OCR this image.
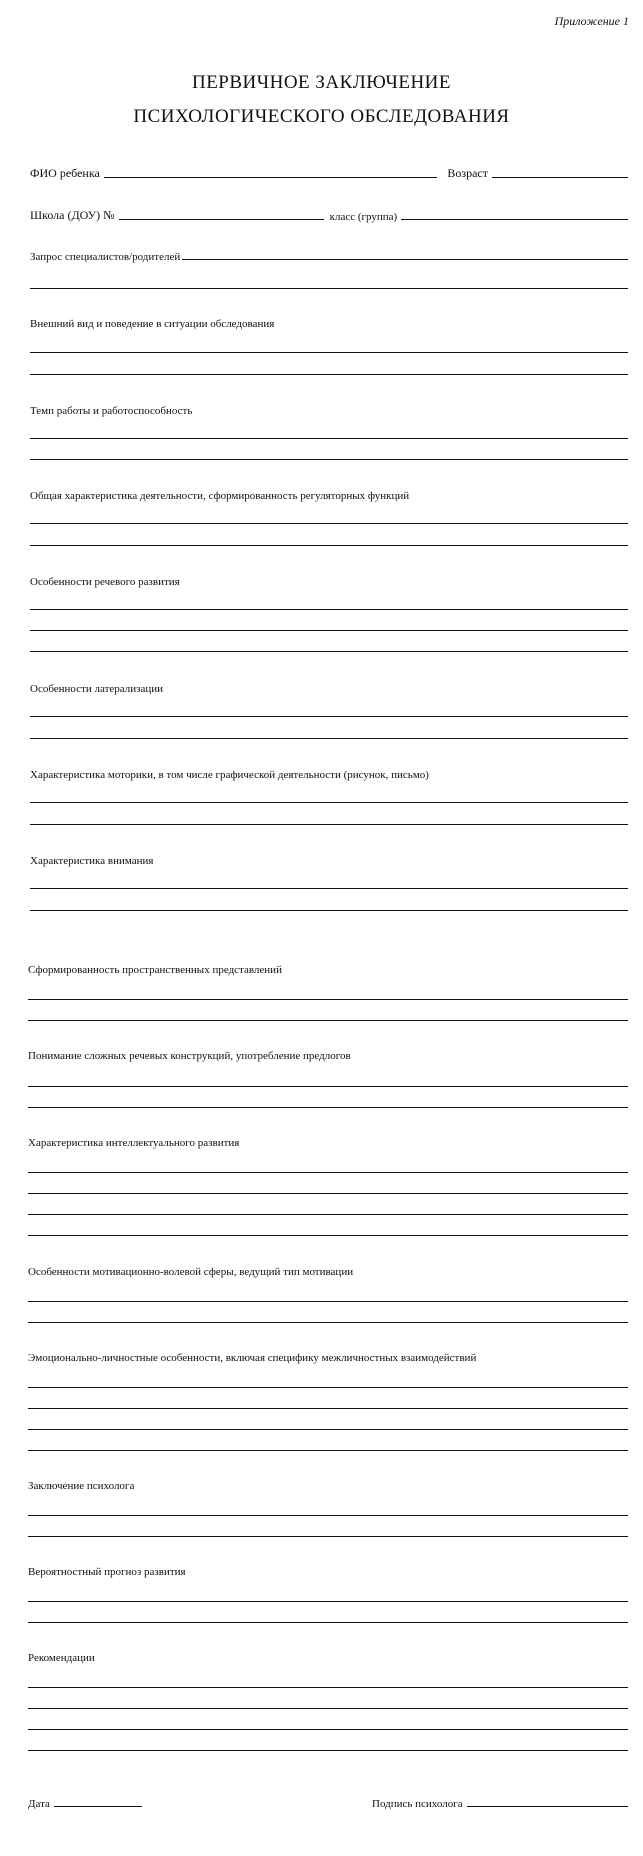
Приложение 1
ПЕРВИЧНОЕ ЗАКЛЮЧЕНИЕ
ПСИХОЛОГИЧЕСКОГО ОБСЛЕДОВАНИЯ
ФИО ребенка	Возраст
Школа (ДОУ) №	класс (группа)
Запрос специалистов/родителей
Внешний вид и поведение в ситуации обследования
Темп работы и работоспособность
Общая характеристика деятельности, сформированность регуляторных функций
Особенности речевого развития
Особенности латерализации
Характеристика моторики, в том числе графической деятельности (рисунок, письмо)
Характеристика внимания
Сформированность пространственных представлений
Понимание сложных речевых конструкций, употребление предлогов
Характеристика интеллектуального развития
Особенности мотивационно-волевой сферы, ведущий тип мотивации
Эмоционально-личностные особенности, включая специфику межличностных взаимодействий
Заключение психолога
Вероятностный прогноз развития
Рекомендации
Дата	Подпись психолога
